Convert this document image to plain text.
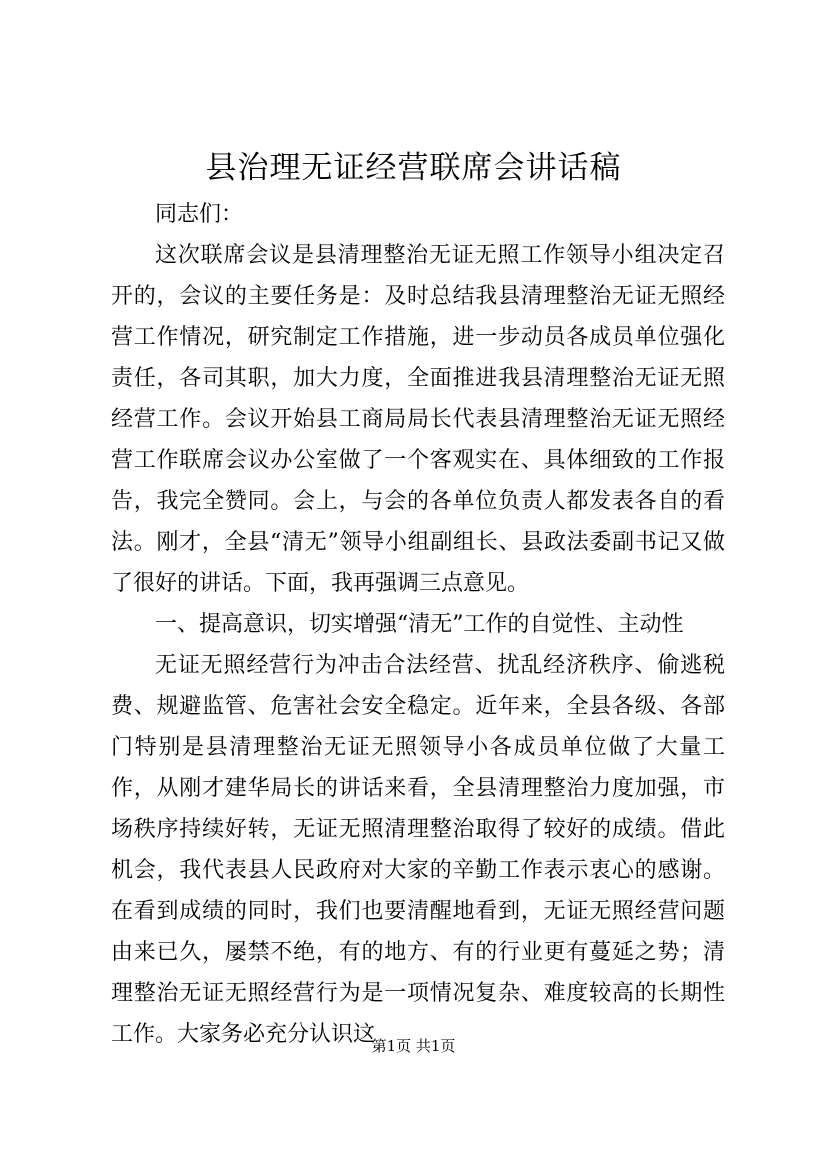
县治理无证经营联席会讲话稿

同志们：

这次联席会议是县清理整治无证无照工作领导小组决定召开的，会议的主要任务是：及时总结我县清理整治无证无照经营工作情况，研究制定工作措施，进一步动员各成员单位强化责任，各司其职，加大力度，全面推进我县清理整治无证无照经营工作。会议开始县工商局局长代表县清理整治无证无照经营工作联席会议办公室做了一个客观实在、具体细致的工作报告，我完全赞同。会上，与会的各单位负责人都发表各自的看法。刚才，全县“清无”领导小组副组长、县政法委副书记又做了很好的讲话。下面，我再强调三点意见。

一、提高意识，切实增强“清无”工作的自觉性、主动性

无证无照经营行为冲击合法经营、扰乱经济秩序、偷逃税费、规避监管、危害社会安全稳定。近年来，全县各级、各部门特别是县清理整治无证无照领导小各成员单位做了大量工作，从刚才建华局长的讲话来看，全县清理整治力度加强，市场秩序持续好转，无证无照清理整治取得了较好的成绩。借此机会，我代表县人民政府对大家的辛勤工作表示衷心的感谢。在看到成绩的同时，我们也要清醒地看到，无证无照经营问题由来已久，屡禁不绝，有的地方、有的行业更有蔓延之势；清理整治无证无照经营行为是一项情况复杂、难度较高的长期性工作。大家务必充分认识这

第1页 共1页
